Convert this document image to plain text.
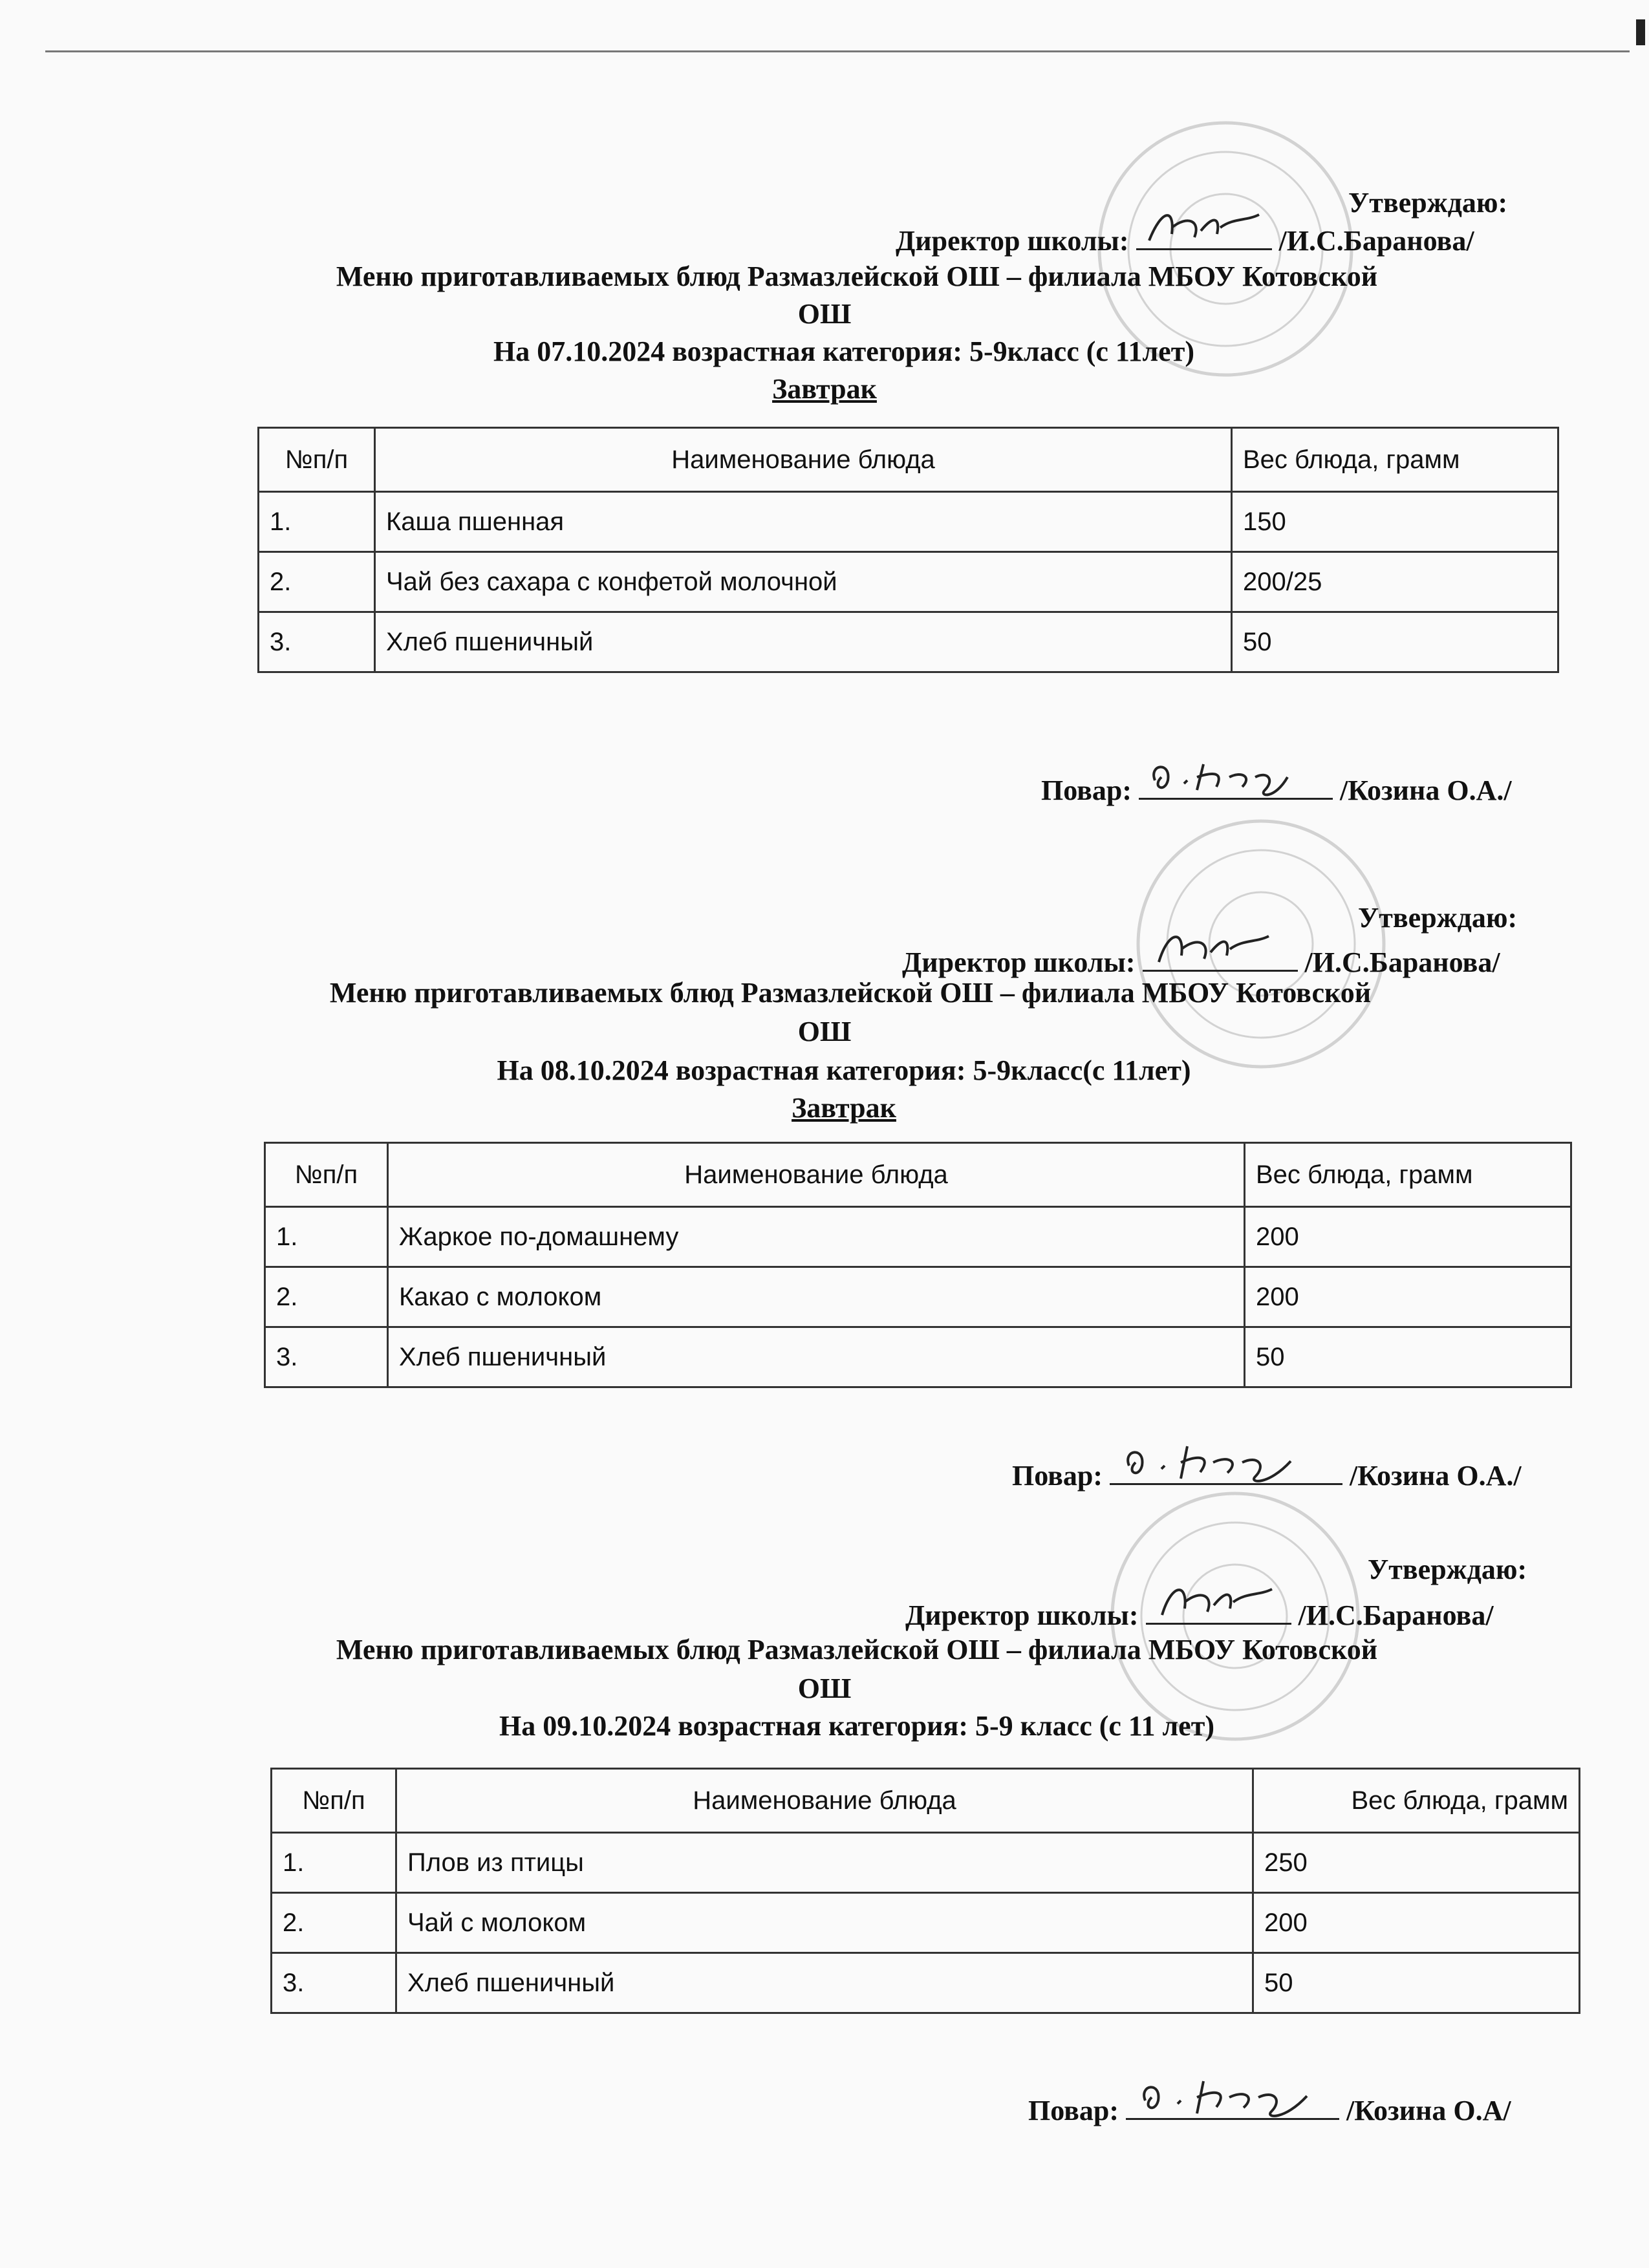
Утверждаю:
Директор школы:	/И.С.Баранова/
Меню приготавливаемых блюд Размазлейской ОШ – филиала МБОУ Котовской
ОШ
На 07.10.2024 возрастная категория: 5-9класс (с 11лет)
Завтрак
№п/п	Наименование блюда	Вес блюда, грамм
1.	Каша пшенная	150
2.	Чай без сахара с конфетой молочной	200/25
3.	Хлеб пшеничный	50
Повар:	/Козина О.А./
Утверждаю:
Директор школы:	/И.С.Баранова/
Меню приготавливаемых блюд Размазлейской ОШ – филиала МБОУ Котовской
ОШ
На 08.10.2024 возрастная категория: 5-9класс(с 11лет)
Завтрак
№п/п	Наименование блюда	Вес блюда, грамм
1.	Жаркое по-домашнему	200
2.	Какао с молоком	200
3.	Хлеб пшеничный	50
Повар:	/Козина О.А./
Утверждаю:
Директор школы:	/И.С.Баранова/
Меню приготавливаемых блюд Размазлейской ОШ – филиала МБОУ Котовской
ОШ
На 09.10.2024 возрастная категория: 5-9 класс (с 11 лет)
№п/п	Наименование блюда	Вес блюда, грамм
1.	Плов из птицы	250
2.	Чай с молоком	200
3.	Хлеб пшеничный	50
Повар:	/Козина О.А/
